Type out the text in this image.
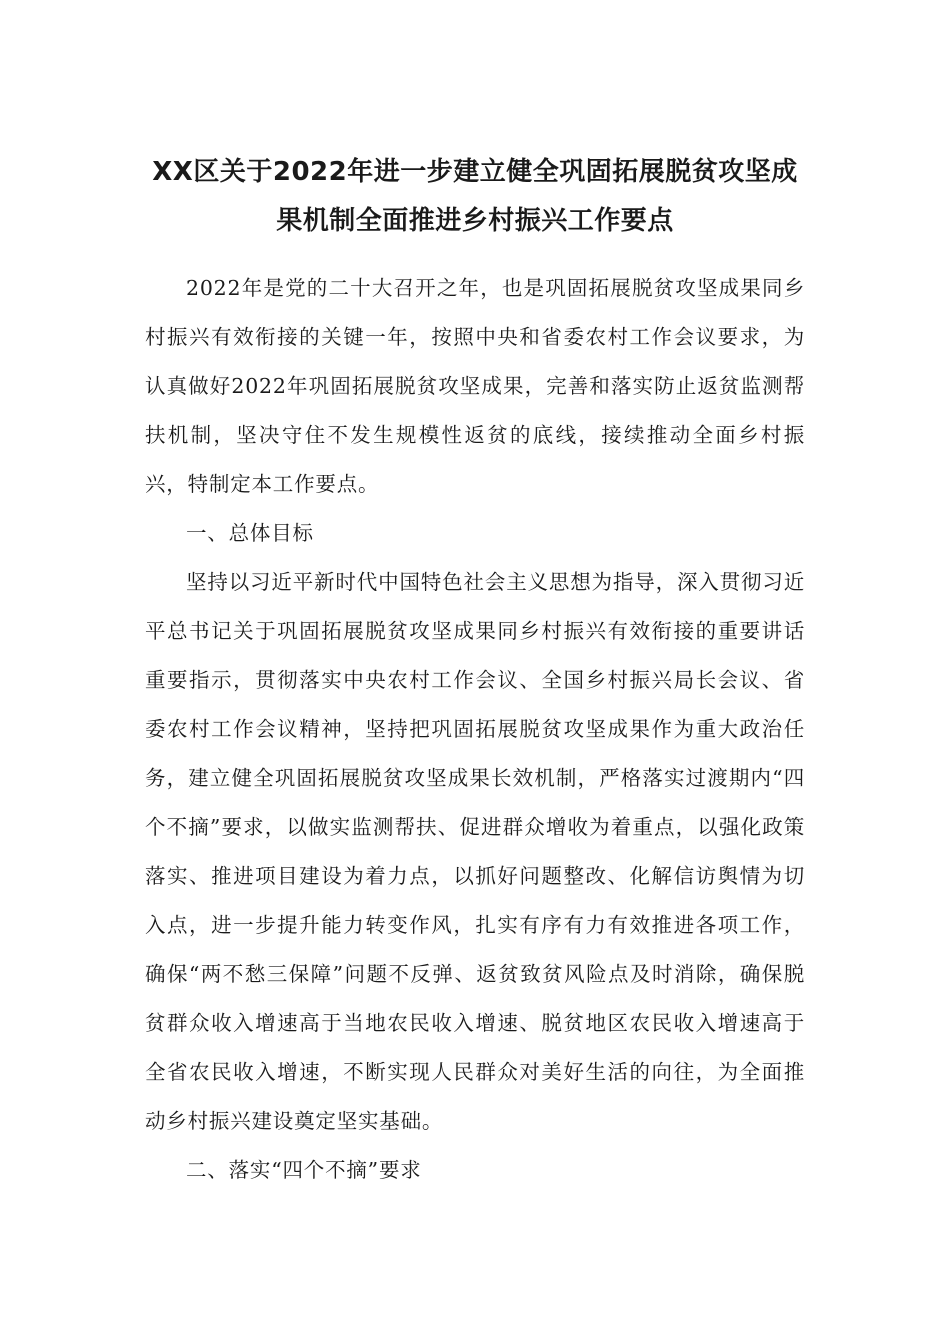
XX区关于2022年进一步建立健全巩固拓展脱贫攻坚成果机制全面推进乡村振兴工作要点

2022年是党的二十大召开之年，也是巩固拓展脱贫攻坚成果同乡村振兴有效衔接的关键一年，按照中央和省委农村工作会议要求，为认真做好2022年巩固拓展脱贫攻坚成果，完善和落实防止返贫监测帮扶机制，坚决守住不发生规模性返贫的底线，接续推动全面乡村振兴，特制定本工作要点。

一、总体目标

坚持以习近平新时代中国特色社会主义思想为指导，深入贯彻习近平总书记关于巩固拓展脱贫攻坚成果同乡村振兴有效衔接的重要讲话重要指示，贯彻落实中央农村工作会议、全国乡村振兴局长会议、省委农村工作会议精神，坚持把巩固拓展脱贫攻坚成果作为重大政治任务，建立健全巩固拓展脱贫攻坚成果长效机制，严格落实过渡期内“四个不摘”要求，以做实监测帮扶、促进群众增收为着重点，以强化政策落实、推进项目建设为着力点，以抓好问题整改、化解信访舆情为切入点，进一步提升能力转变作风，扎实有序有力有效推进各项工作，确保“两不愁三保障”问题不反弹、返贫致贫风险点及时消除，确保脱贫群众收入增速高于当地农民收入增速、脱贫地区农民收入增速高于全省农民收入增速，不断实现人民群众对美好生活的向往，为全面推动乡村振兴建设奠定坚实基础。

二、落实“四个不摘”要求
